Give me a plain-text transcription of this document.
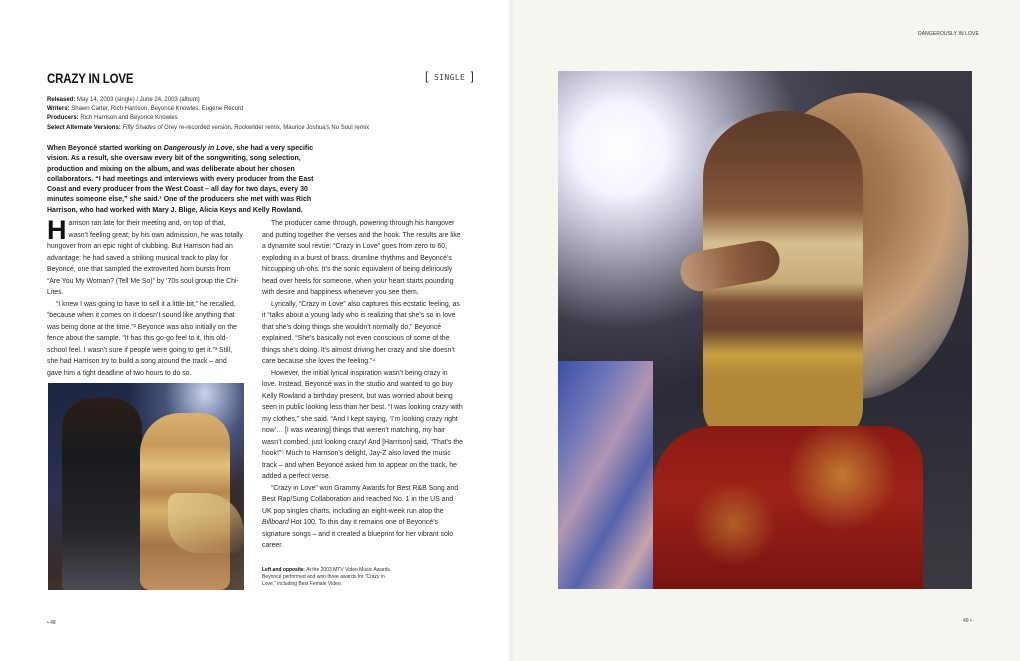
CRAZY IN LOVE	[ SINGLE ]
Released: May 14, 2003 (single) / June 24, 2003 (album)
Writers: Shawn Carter, Rich Harrison, Beyoncé Knowles, Eugene Record
Producers: Rich Harrison and Beyoncé Knowles
Select Alternate Versions: Fifty Shades of Grey re-recorded version, Rockwilder remix, Maurice Joshua's Nu Soul remix
When Beyoncé started working on Dangerously in Love, she had a very specific vision. As a result, she oversaw every bit of the songwriting, song selection, production and mixing on the album, and was deliberate about her chosen collaborators. “I had meetings and interviews with every producer from the East Coast and every producer from the West Coast – all day for two days, every 30 minutes someone else,” she said.¹ One of the producers she met with was Rich Harrison, who had worked with Mary J. Blige, Alicia Keys and Kelly Rowland.

Harrison ran late for their meeting and, on top of that, wasn’t feeling great; by his own admission, he was totally hungover from an epic night of clubbing. But Harrison had an advantage: he had saved a striking musical track to play for Beyoncé, one that sampled the extroverted horn bursts from “Are You My Woman? (Tell Me So)” by ’70s soul group the Chi-Lites.

“I knew I was going to have to sell it a little bit,” he recalled, “because when it comes on it doesn’t sound like anything that was being done at the time.”² Beyoncé was also initially on the fence about the sample. “It has this go-go feel to it, this old-school feel. I wasn’t sure if people were going to get it.”³ Still, she had Harrison try to build a song around the track – and gave him a tight deadline of two hours to do so.

The producer came through, powering through his hangover and putting together the verses and the hook. The results are like a dynamite soul revue: “Crazy in Love” goes from zero to 60, exploding in a burst of brass, drumline rhythms and Beyoncé’s hiccupping uh-ohs. It’s the sonic equivalent of being deliriously head over heels for someone, when your heart starts pounding with desire and happiness whenever you see them.

Lyrically, “Crazy in Love” also captures this ecstatic feeling, as it “talks about a young lady who is realizing that she’s so in love that she’s doing things she wouldn’t normally do,” Beyoncé explained. “She’s basically not even conscious of some of the things she’s doing. It’s almost driving her crazy and she doesn’t care because she loves the feeling.”⁴

However, the initial lyrical inspiration wasn’t being crazy in love. Instead, Beyoncé was in the studio and wanted to go buy Kelly Rowland a birthday present, but was worried about being seen in public looking less than her best. “I was looking crazy with my clothes,” she said. “And I kept saying, ‘I’m looking crazy right now’… [I was wearing] things that weren’t matching, my hair wasn’t combed, just looking crazy! And [Harrison] said, “That’s the hook!”⁵ Much to Harrison’s delight, Jay-Z also loved the music track – and when Beyoncé asked him to appear on the track, he added a perfect verse.

“Crazy in Love” won Grammy Awards for Best R&B Song and Best Rap/Sung Collaboration and reached No. 1 in the US and UK pop singles charts, including an eight-week run atop the Billboard Hot 100. To this day it remains one of Beyoncé’s signature songs – and it created a blueprint for her vibrant solo career.

Left and opposite: At the 2003 MTV Video Music Awards, Beyoncé performed and won three awards for “Crazy in Love,” including Best Female Video.
• 48
DANGEROUSLY IN LOVE
49 •
